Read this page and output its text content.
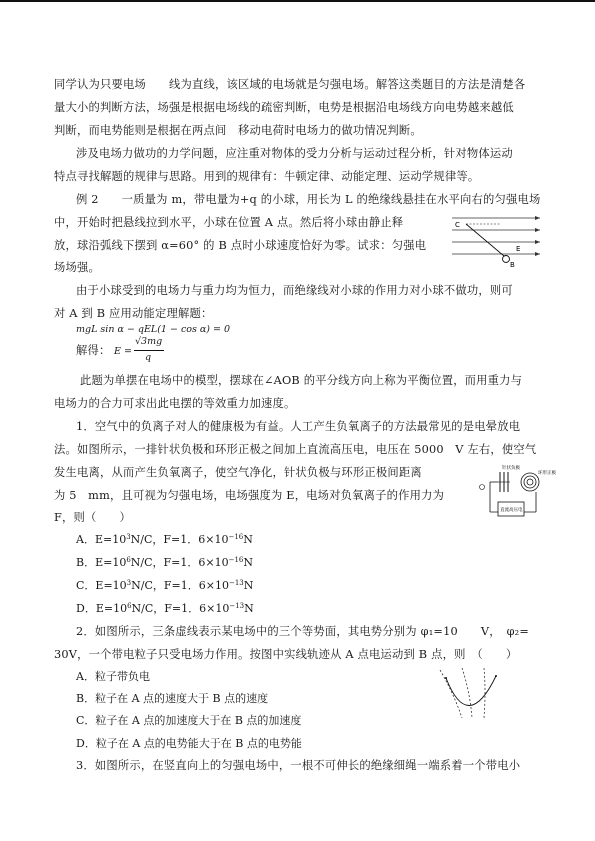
同学认为只要电场　　线为直线，该区域的电场就是匀强电场。解答这类题目的方法是清楚各
量大小的判断方法，场强是根据电场线的疏密判断，电势是根据沿电场线方向电势越来越低
判断，而电势能则是根据在两点间　移动电荷时电场力的做功情况判断。
涉及电场力做功的力学问题，应注重对物体的受力分析与运动过程分析，针对物体运动
特点寻找解题的规律与思路。用到的规律有：牛顿定律、动能定理、运动学规律等。
例 2　　一质量为 m，带电量为+q 的小球，用长为 L 的绝缘线悬挂在水平向右的匀强电场
中，开始时把悬线拉到水平，小球在位置 A 点。然后将小球由静止释
放，球沿弧线下摆到 α=60° 的 B 点时小球速度恰好为零。试求：匀强电
场场强。
C
E
B
由于小球受到的电场力与重力均为恒力，而绝缘线对小球的作用力对小球不做功，则可
对 A 到 B 应用动能定理解题：
mgL sin α − qEL(1 − cos α) = 0
解得： E =
√3mg
q
此题为单摆在电场中的模型，摆球在∠AOB 的平分线方向上称为平衡位置，而用重力与
电场力的合力可求出此电摆的等效重力加速度。
1．空气中的负离子对人的健康极为有益。人工产生负氧离子的方法最常见的是电晕放电
法。如图所示，一排针状负极和环形正极之间加上直流高压电，电压在 5000　V 左右，使空气
发生电离，从而产生负氧离子，使空气净化，针状负极与环形正极间距离
为 5　mm，且可视为匀强电场，电场强度为 E，电场对负氧离子的作用力为
F，则（　　）
针状负极
环形正极
直流高压电
A．$E=10^3N/C$，F=1．$6\times 10^{-16}N$
B．$E=10^6N/C$，F=1．$6\times 10^{-16}N$
C．$E=10^3N/C$，F=1．$6\times 10^{-13}N$
D．$E=10^6N/C$，F=1．$6\times 10^{-13}N$
2．如图所示，三条虚线表示某电场中的三个等势面，其电势分别为 φ₁=10　　V，　φ₂=
30V，一个带电粒子只受电场力作用。按图中实线轨迹从 A 点电运动到 B 点，则　（　　）
A．粒子带负电
B．粒子在 A 点的速度大于 B 点的速度
C．粒子在 A 点的加速度大于在 B 点的加速度
D．粒子在 A 点的电势能大于在 B 点的电势能
3．如图所示，在竖直向上的匀强电场中，一根不可伸长的绝缘细绳一端系着一个带电小
